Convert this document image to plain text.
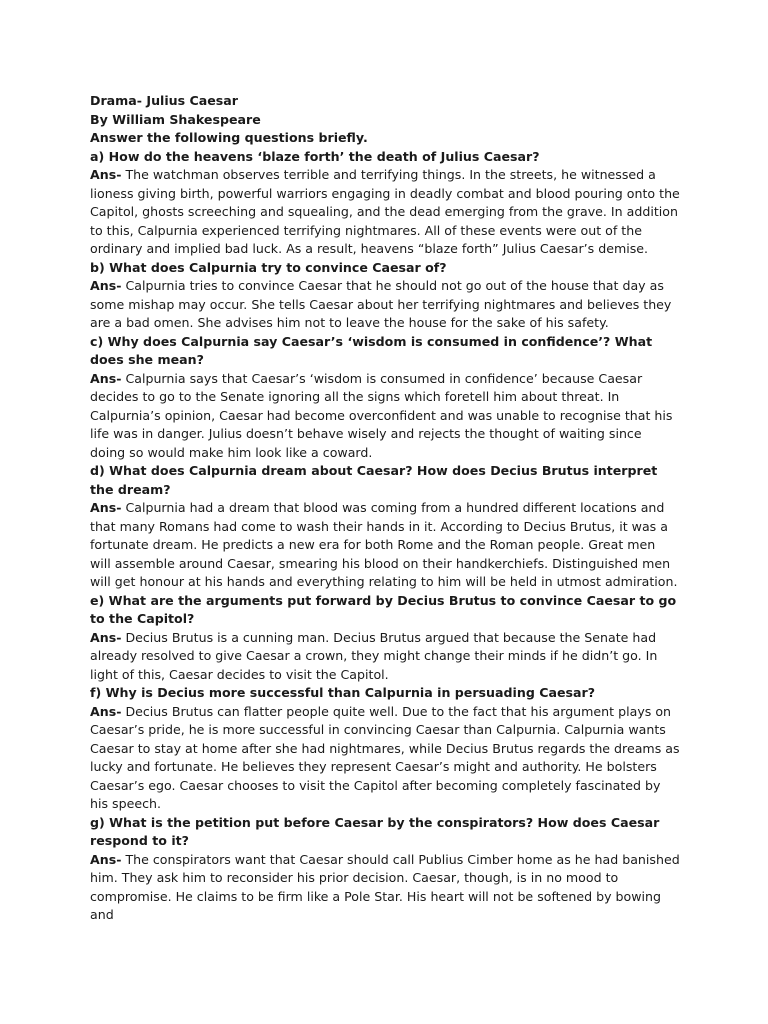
Drama- Julius Caesar

By William Shakespeare

Answer the following questions briefly.

a) How do the heavens ‘blaze forth’ the death of Julius Caesar?

Ans- The watchman observes terrible and terrifying things. In the streets, he witnessed a lioness giving birth, powerful warriors engaging in deadly combat and blood pouring onto the Capitol, ghosts screeching and squealing, and the dead emerging from the grave. In addition to this, Calpurnia experienced terrifying nightmares. All of these events were out of the ordinary and implied bad luck. As a result, heavens “blaze forth” Julius Caesar’s demise.

b) What does Calpurnia try to convince Caesar of?

Ans- Calpurnia tries to convince Caesar that he should not go out of the house that day as some mishap may occur. She tells Caesar about her terrifying nightmares and believes they are a bad omen. She advises him not to leave the house for the sake of his safety.

c) Why does Calpurnia say Caesar’s ‘wisdom is consumed in confidence’? What does she mean?

Ans- Calpurnia says that Caesar’s ‘wisdom is consumed in confidence’ because Caesar decides to go to the Senate ignoring all the signs which foretell him about threat. In Calpurnia’s opinion, Caesar had become overconfident and was unable to recognise that his life was in danger. Julius doesn’t behave wisely and rejects the thought of waiting since doing so would make him look like a coward.

d) What does Calpurnia dream about Caesar? How does Decius Brutus interpret the dream?

Ans- Calpurnia had a dream that blood was coming from a hundred different locations and that many Romans had come to wash their hands in it. According to Decius Brutus, it was a fortunate dream. He predicts a new era for both Rome and the Roman people. Great men will assemble around Caesar, smearing his blood on their handkerchiefs. Distinguished men will get honour at his hands and everything relating to him will be held in utmost admiration.

e) What are the arguments put forward by Decius Brutus to convince Caesar to go to the Capitol?

Ans- Decius Brutus is a cunning man. Decius Brutus argued that because the Senate had already resolved to give Caesar a crown, they might change their minds if he didn’t go. In light of this, Caesar decides to visit the Capitol.

f) Why is Decius more successful than Calpurnia in persuading Caesar?

Ans- Decius Brutus can flatter people quite well. Due to the fact that his argument plays on Caesar’s pride, he is more successful in convincing Caesar than Calpurnia. Calpurnia wants Caesar to stay at home after she had nightmares, while Decius Brutus regards the dreams as lucky and fortunate. He believes they represent Caesar’s might and authority. He bolsters Caesar’s ego. Caesar chooses to visit the Capitol after becoming completely fascinated by his speech.

g) What is the petition put before Caesar by the conspirators? How does Caesar respond to it?

Ans- The conspirators want that Caesar should call Publius Cimber home as he had banished him. They ask him to reconsider his prior decision. Caesar, though, is in no mood to compromise. He claims to be firm like a Pole Star. His heart will not be softened by bowing and
